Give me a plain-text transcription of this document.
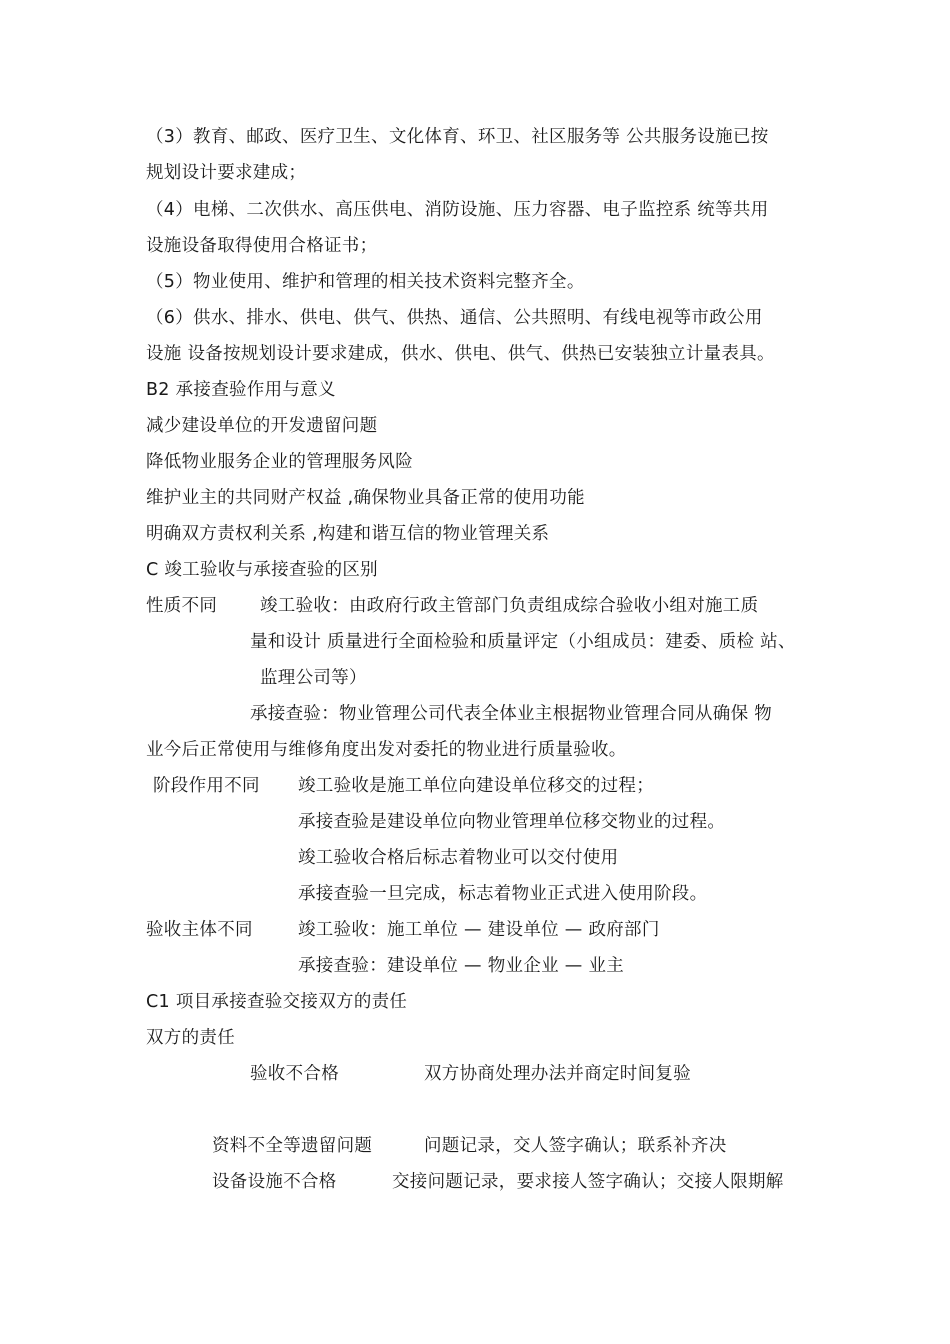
（3）教育、邮政、医疗卫生、文化体育、环卫、社区服务等 公共服务设施已按
规划设计要求建成；
（4）电梯、二次供水、高压供电、消防设施、压力容器、电子监控系 统等共用
设施设备取得使用合格证书；
（5）物业使用、维护和管理的相关技术资料完整齐全。
（6）供水、排水、供电、供气、供热、通信、公共照明、有线电视等市政公用
设施 设备按规划设计要求建成，供水、供电、供气、供热已安装独立计量表具。
B2 承接查验作用与意义
减少建设单位的开发遗留问题
降低物业服务企业的管理服务风险
维护业主的共同财产权益 ,确保物业具备正常的使用功能
明确双方责权利关系 ,构建和谐互信的物业管理关系
C 竣工验收与承接查验的区别
性质不同 竣工验收：由政府行政主管部门负责组成综合验收小组对施工质
量和设计 质量进行全面检验和质量评定（小组成员：建委、质检 站、
监理公司等）
承接查验：物业管理公司代表全体业主根据物业管理合同从确保 物
业今后正常使用与维修角度出发对委托的物业进行质量验收。
阶段作用不同 竣工验收是施工单位向建设单位移交的过程；
承接查验是建设单位向物业管理单位移交物业的过程。
竣工验收合格后标志着物业可以交付使用
承接查验一旦完成，标志着物业正式进入使用阶段。
验收主体不同	竣工验收：施工单位 — 建设单位 — 政府部门
承接查验：建设单位 — 物业企业 — 业主
C1 项目承接查验交接双方的责任
双方的责任
验收不合格	双方协商处理办法并商定时间复验
资料不全等遗留问题	问题记录，交人签字确认；联系补齐决
设备设施不合格	交接问题记录，要求接人签字确认；交接人限期解
